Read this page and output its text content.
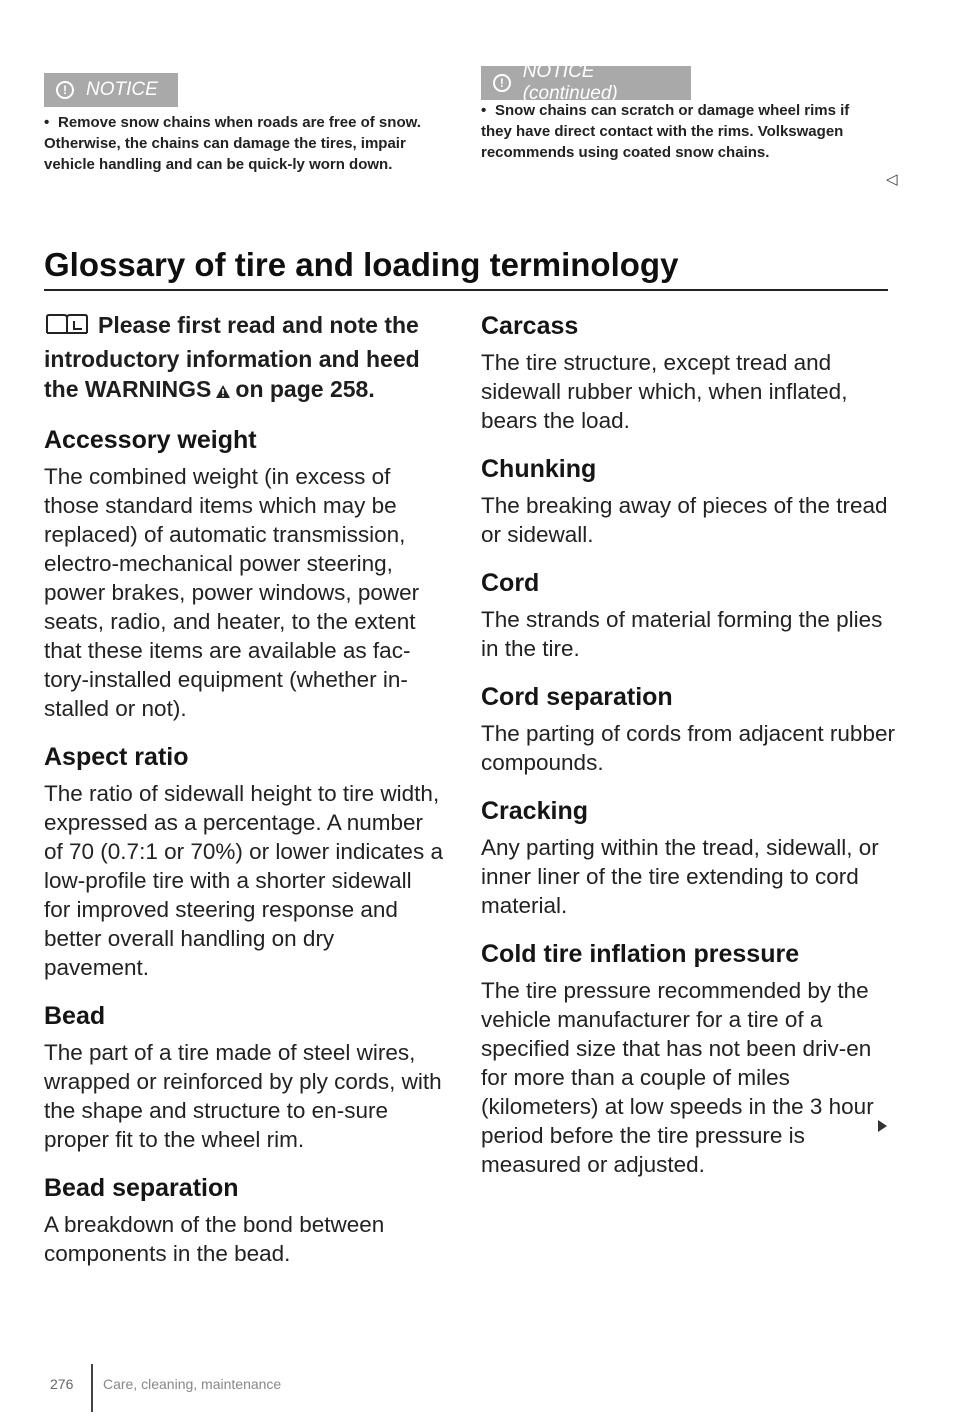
!	NOTICE

• Remove snow chains when roads are free of snow. Otherwise, the chains can damage the tires, impair vehicle handling and can be quick-ly worn down.

!
NOTICE (continued)

• Snow chains can scratch or damage wheel rims if they have direct contact with the rims. Volkswagen recommends using coated snow chains.

◁
Glossary of tire and loading terminology
Please first read and note the introductory information and heed the WARNINGS on page 258.
Accessory weight

The combined weight (in excess of those standard items which may be replaced) of automatic transmission, electro-mechanical power steering, power brakes, power windows, power seats, radio, and heater, to the extent that these items are available as fac-tory-installed equipment (whether in-stalled or not).

Aspect ratio

The ratio of sidewall height to tire width, expressed as a percentage. A number of 70 (0.7:1 or 70%) or lower indicates a low-profile tire with a shorter sidewall for improved steering response and better overall handling on dry pavement.

Bead

The part of a tire made of steel wires, wrapped or reinforced by ply cords, with the shape and structure to en-sure proper fit to the wheel rim.

Bead separation

A breakdown of the bond between components in the bead.

Carcass

The tire structure, except tread and sidewall rubber which, when inflated, bears the load.

Chunking

The breaking away of pieces of the tread or sidewall.

Cord

The strands of material forming the plies in the tire.

Cord separation

The parting of cords from adjacent rubber compounds.

Cracking

Any parting within the tread, sidewall, or inner liner of the tire extending to cord material.

Cold tire inflation pressure

The tire pressure recommended by the vehicle manufacturer for a tire of a specified size that has not been driv-en for more than a couple of miles (kilometers) at low speeds in the 3 hour period before the tire pressure is measured or adjusted.

276 Care, cleaning, maintenance
